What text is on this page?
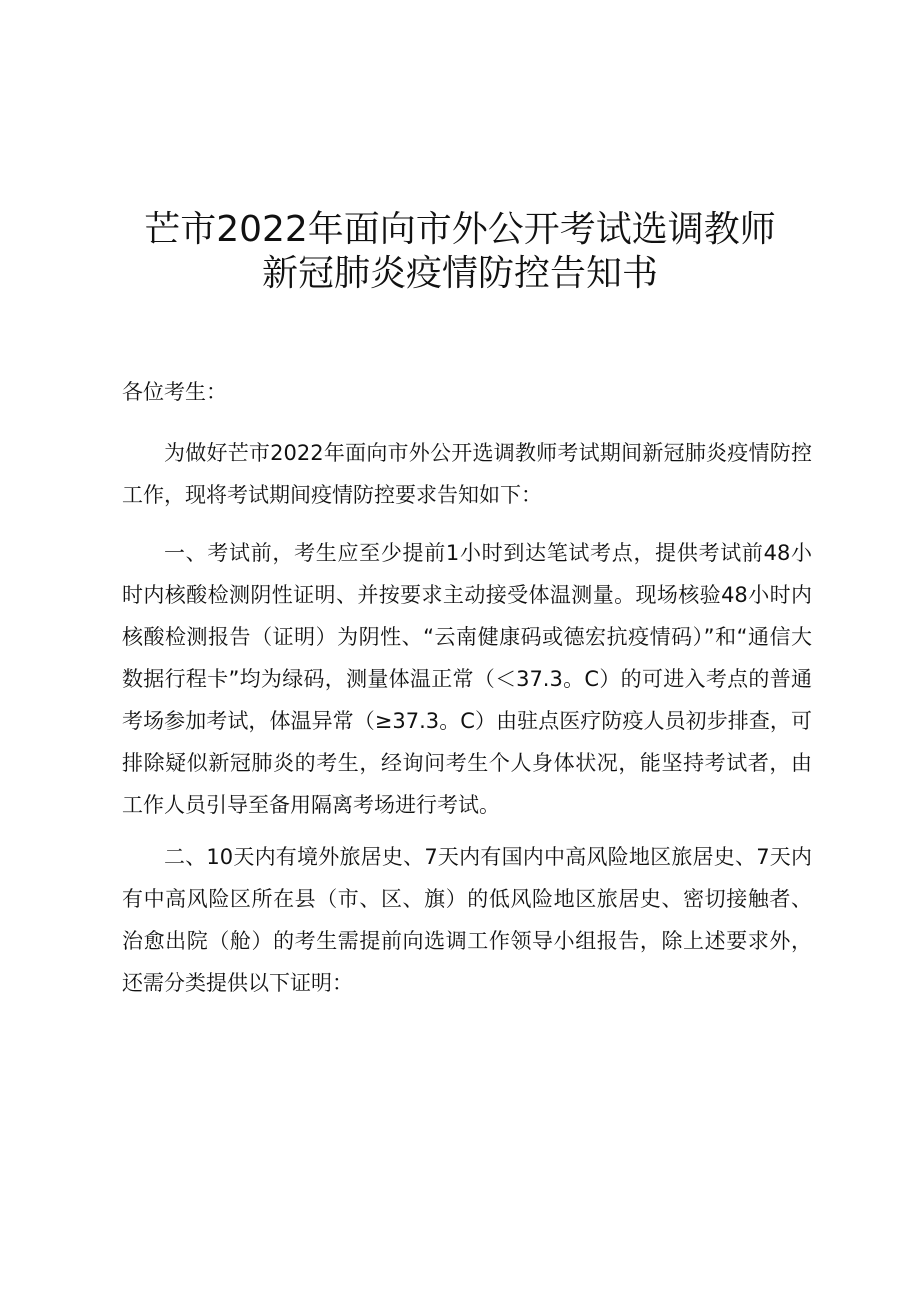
芒市2022年面向市外公开考试选调教师
新冠肺炎疫情防控告知书
各位考生：
为做好芒市2022年面向市外公开选调教师考试期间新冠肺炎疫情防控工作，现将考试期间疫情防控要求告知如下：
一、考试前，考生应至少提前1小时到达笔试考点，提供考试前48小时内核酸检测阴性证明、并按要求主动接受体温测量。现场核验48小时内核酸检测报告（证明）为阴性、“云南健康码或德宏抗疫情码）”和“通信大数据行程卡”均为绿码，测量体温正常（＜37.3。C）的可进入考点的普通考场参加考试，体温异常（≥37.3。C）由驻点医疗防疫人员初步排查，可排除疑似新冠肺炎的考生，经询问考生个人身体状况，能坚持考试者，由工作人员引导至备用隔离考场进行考试。
二、10天内有境外旅居史、7天内有国内中高风险地区旅居史、7天内有中高风险区所在县（市、区、旗）的低风险地区旅居史、密切接触者、治愈出院（舱）的考生需提前向选调工作领导小组报告，除上述要求外，还需分类提供以下证明：
